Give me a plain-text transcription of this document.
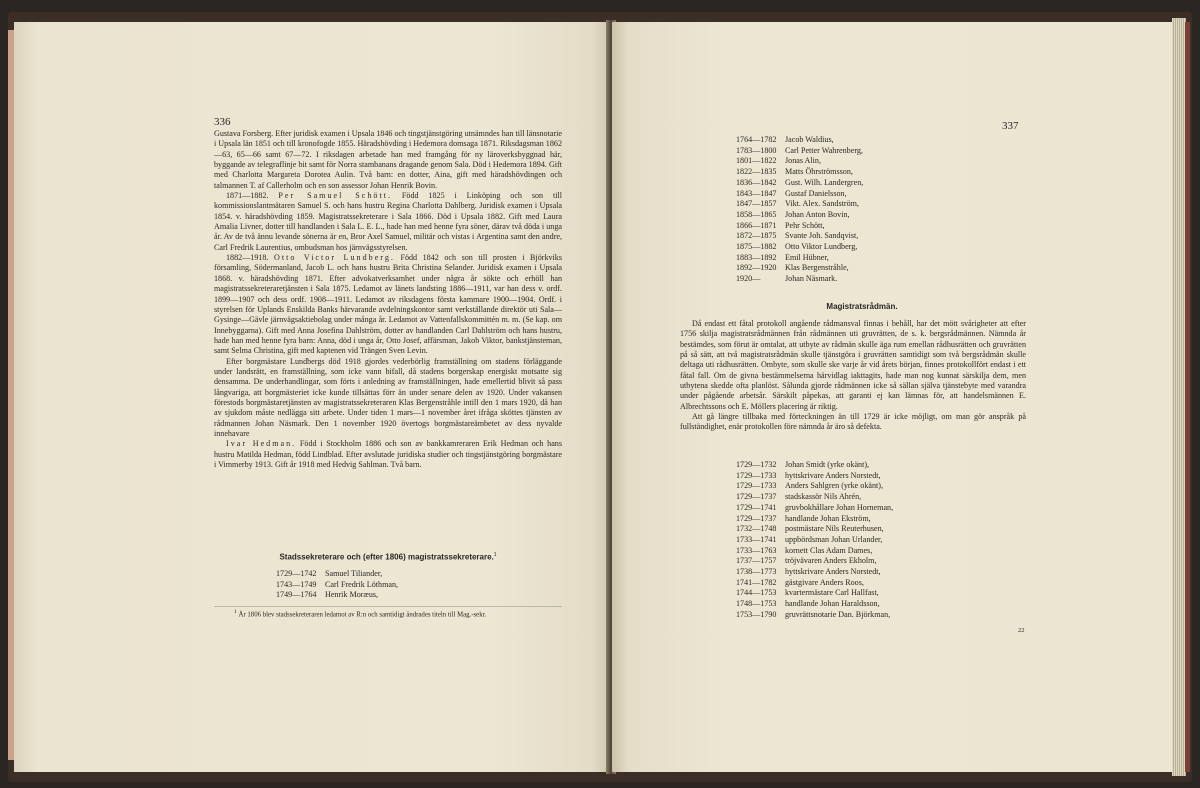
336

Gustava Forsberg. Efter juridisk examen i Upsala 1846 och tingstjänstgöring utnämndes han till länsnotarie i Upsala län 1851 och till kronofogde 1855. Häradshövding i Hedemora domsaga 1871. Riksdagsman 1862—63, 65—66 samt 67—72. I riksdagen arbetade han med framgång för ny läroverksbyggnad här, byggande av telegraflinje bit samt för Norra stambanans dragande genom Sala. Död i Hedemora 1894. Gift med Charlotta Margareta Dorotea Aulin. Två barn: en dotter, Aina, gift med häradshövdingen och talmannen T. af Callerholm och en son assessor Johan Henrik Bovin.

1871—1882. Per Samuel Schött. Född 1825 i Linköping och son till kommissionslantmätaren Samuel S. och hans hustru Regina Charlotta Dahlberg. Juridisk examen i Upsala 1854. v. häradshövding 1859. Magistratssekreterare i Sala 1866. Död i Upsala 1882. Gift med Laura Amalia Livner, dotter till handlanden i Sala L. E. L., hade han med henne fyra söner, därav två döda i unga år. Av de två ännu levande sönerna är en, Bror Axel Samuel, militär och vistas i Argentina samt den andre, Carl Fredrik Laurentius, ombudsman hos järnvägsstyrelsen.

1882—1918. Otto Victor Lundberg. Född 1842 och son till prosten i Björkviks församling, Södermanland, Jacob L. och hans hustru Brita Christina Selander. Juridisk examen i Upsala 1868. v. häradshövding 1871. Efter advokatverksamhet under några år sökte och erhöll han magistratssekreteraretjänsten i Sala 1875. Ledamot av länets landsting 1886—1911, var han dess v. ordf. 1899—1907 och dess ordf. 1908—1911. Ledamot av riksdagens första kammare 1900—1904. Ordf. i styrelsen för Uplands Enskilda Banks härvarande avdelningskontor samt verkställande direktör uti Sala—Gysinge—Gävle järnvägsaktiebolag under många år. Ledamot av Vattenfallskommittén m. m. (Se kap. om Innebyggarna). Gift med Anna Josefina Dahlström, dotter av handlanden Carl Dahlström och hans hustru, hade han med henne fyra barn: Anna, död i unga år, Otto Josef, affärsman, Jakob Viktor, bankstjänsteman, samt Selma Christina, gift med kaptenen vid Trängen Sven Levin.

Efter borgmästare Lundbergs död 1918 gjordes vederbörlig framställning om stadens förläggande under landsrätt, en framställning, som icke vann bifall, då stadens borgerskap energiskt motsatte sig densamma. De underhandlingar, som förts i anledning av framställningen, hade emellertid blivit så pass långvariga, att borgmästeriet icke kunde tillsättas förr än under senare delen av 1920. Under vakansen förestods borgmästaretjänsten av magistratssekreteraren Klas Bergenstråhle intill den 1 mars 1920, då han av sjukdom måste nedlägga sitt arbete. Under tiden 1 mars—1 november året ifråga sköttes tjänsten av rådmannen Johan Näsmark. Den 1 november 1920 övertogs borgmästareämbetet av dess nyvalde innehavare

Ivar Hedman. Född i Stockholm 1886 och son av bankkamreraren Erik Hedman och hans hustru Matilda Hedman, född Lindblad. Efter avslutade juridiska studier och tingstjänstgöring borgmästare i Vimmerby 1913. Gift år 1918 med Hedvig Sahlman. Två barn.

Stadssekreterare och (efter 1806) magistratssekreterare.$^1$
1729—1742 Samuel Tiliander,
1743—1749 Carl Fredrik Löthman,
1749—1764 Henrik Moræus,
$^1$ År 1806 blev stadssekreteraren ledamot av R:n och samtidigt ändrades titeln till Mag.-sekr.
337
1764—1782 Jacob Waldius,
1783—1800 Carl Petter Wahrenberg,
1801—1822 Jonas Alin,
1822—1835 Matts Öhrströmsson,
1836—1842 Gust. Wilh. Landergren,
1843—1847 Gustaf Danielsson,
1847—1857 Vikt. Alex. Sandström,
1858—1865 Johan Anton Bovin,
1866—1871 Pehr Schött,
1872—1875 Svante Joh. Sandqvist,
1875—1882 Otto Viktor Lundberg,
1883—1892 Emil Hübner,
1892—1920 Klas Bergenstråhle,
1920—	Johan Näsmark.
Magistratsrådmän.

Då endast ett fåtal protokoll angående rådmansval finnas i behåll, har det mött svårigheter att efter 1756 skilja magistratsrådmännen från rådmännen uti gruvrätten, de s. k. bergsrådmännen. Nämnda år bestämdes, som förut är omtalat, att utbyte av rådmän skulle äga rum emellan rådhusrätten och gruvrätten på så sätt, att två magistratsrådmän skulle tjänstgöra i gruvrätten samtidigt som två bergsrådmän skulle deltaga uti rådhusrätten. Ombyte, som skulle ske varje år vid årets början, finnes protokollfört endast i ett fåtal fall. Om de givna bestämmelserna härvidlag iakttagits, hade man nog kunnat särskilja dem, men utbytena skedde ofta planlöst. Sålunda gjorde rådmännen icke så sällan själva tjänstebyte med varandra under pågående arbetsår. Särskilt påpekas, att garanti ej kan lämnas för, att handelsmännen E. Albrechtssons och E. Möllers placering är riktig.

Att gå längre tillbaka med förteckningen än till 1729 är icke möjligt, om man gör anspråk på fullständighet, enär protokollen före nämnda år äro så defekta.

1729—1732 Johan Smidt (yrke okänt),
1729—1733 hyttskrivare Anders Norstedt,
1729—1733 Anders Sahlgren (yrke okänt),
1729—1737 stadskassör Nils Ahrén,
1729—1741 gruvbokhållare Johan Horneman,
1729—1737 handlande Johan Ekström,
1732—1748 postmästare Nils Reuterhusen,
1733—1741 uppbördsman Johan Urlander,
1733—1763 kornett Clas Adam Dames,
1737—1757 tröjvävaren Anders Ekholm,
1738—1773 hyttskrivare Anders Norstedt,
1741—1782 gästgivare Anders Roos,
1744—1753 kvartermästare Carl Hallfast,
1748—1753 handlande Johan Haraldsson,
1753—1790 gruvrättsnotarie Dan. Björkman,
22
